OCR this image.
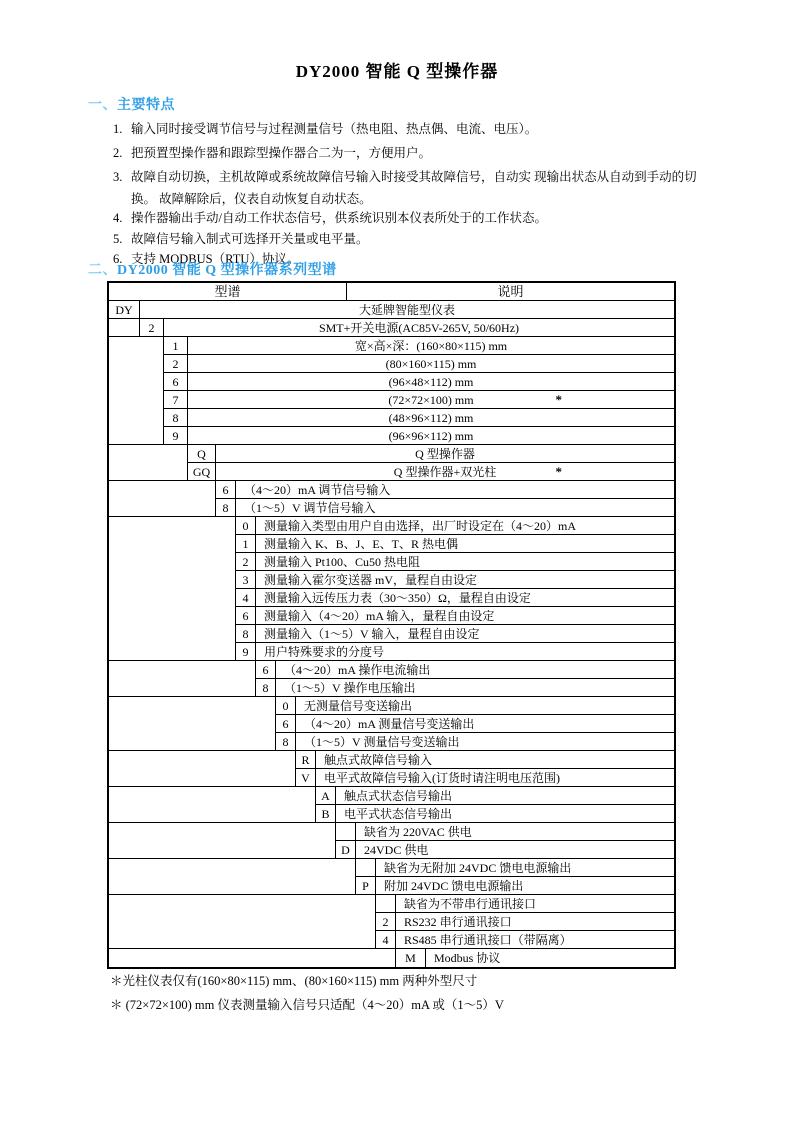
DY2000 智能 Q 型操作器
一、主要特点
1. 输入同时接受调节信号与过程测量信号（热电阻、热点偶、电流、电压）。
2. 把预置型操作器和跟踪型操作器合二为一，方便用户。
3. 故障自动切换，主机故障或系统故障信号输入时接受其故障信号，自动实 现输出状态从自动到手动的切换。 故障解除后，仪表自动恢复自动状态。
4. 操作器输出手动/自动工作状态信号，供系统识别本仪表所处于的工作状态。
5. 故障信号输入制式可选择开关量或电平量。
6. 支持 MODBUS（RTU）协议。
二、DY2000 智能 Q 型操作器系列型谱
型谱	说明
DY	大延牌智能型仪表
2	SMT+开关电源(AC85V-265V, 50/60Hz)
1	宽×高×深：(160×80×115) mm
2	(80×160×115) mm
6	(96×48×112) mm
7	(72×72×100) mm	*
8	(48×96×112) mm
9	(96×96×112) mm
Q	Q 型操作器
GQ	Q 型操作器+双光柱	*
6	（4～20）mA 调节信号输入
8	（1～5）V 调节信号输入
0	测量输入类型由用户自由选择，出厂时设定在（4～20）mA
1	测量输入 K、B、J、E、T、R 热电偶
2	测量输入 Pt100、Cu50 热电阻
3	测量输入霍尔变送器 mV，量程自由设定
4	测量输入远传压力表（30～350）Ω，量程自由设定
6	测量输入（4～20）mA 输入，量程自由设定
8	测量输入（1～5）V 输入，量程自由设定
9	用户特殊要求的分度号
6	（4～20）mA 操作电流输出
8	（1～5）V 操作电压输出
0	无测量信号变送输出
6	（4～20）mA 测量信号变送输出
8	（1～5）V 测量信号变送输出
R	触点式故障信号输入
V	电平式故障信号输入(订货时请注明电压范围)
A	触点式状态信号输出
B	电平式状态信号输出
缺省为 220VAC 供电
D	24VDC 供电
缺省为无附加 24VDC 馈电电源输出
P	附加 24VDC 馈电电源输出
缺省为不带串行通讯接口
2	RS232 串行通讯接口
4	RS485 串行通讯接口（带隔离）
M	Modbus 协议
＊光柱仪表仅有(160×80×115) mm、(80×160×115) mm 两种外型尺寸
＊ (72×72×100) mm 仪表测量输入信号只适配（4～20）mA 或（1～5）V
